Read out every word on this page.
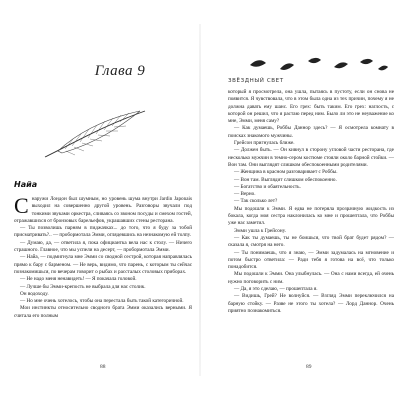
Глава 9
Найа

Снаружи Лондон был шумным, но уровень шума внутри Jardin Japonais выходил на совершенно другой уровень. Разговоры звучали под тонкими звуками оркестра, сливаясь со звоном посуды и смехом гостей, отражавшихся от бронзовых барельефов, украшавших стены ресторана.

— Ты позволишь парням в пиджачках... до того, что я буду за тобой присматривать?.. — пробормотала Эмми, оглядевшись на незнакомую ей толпу.

— Думаю, да, — ответила я, пока официантка вела нас к столу. — Ничего страшного. Главное, что мы успели на десерт, — пробормотала Эмми.

— Найа, — подмигнула мне Эмми со сводной сестрой, которая направлялась прямо к бару с барменом. — Не верь, видимо, что парень, с которым ты сейчас познакомишься, по вечерам говорит о рыбах и рассталых столовых приборах.

— Не надо меня ненавидеть! — Я покачала головой.

— Лучше бы Эмми-крепость не выбрала для нас столик.

Он водоходу.

— Но мне очень хотелось, чтобы она перестала быть такой категоричной.

Мои инстинкты относительно сводного брата Эмми оказались верными. Я считала его полным

88
ЗВЁЗДНЫЙ СВЕТ

который я просмотрела, она ушла, пытаясь в пустоту, если он снова не появится. Я чувствовала, что в этом была одна из тех причин, почему я не должна давать ему шанс. Его грех: быть таким. Его грех: наглость, с которой он решил, что я растаю перед ним. Было ли это не неуважение ко мне, Эмми, меня саму?

— Как думаешь, Роббы Даннор здесь? — Я осмотрела комнату в поисках знакомого мужчины.

Грейсон пригнулась ближе.

— Должен быть. — Он кивнул в сторону угловой части ресторана, где несколько мужчин в темно-сером костюме стояли около барной стойки. — Вон там. Они выглядят слишком обеспокоенными родителями.

— Женщина в красном разговаривает с Роббы.

— Вон там. Выглядит слишком обеспокоенно.

— Богатство и обаятельность.

— Верно.

— Так сколько лет?

Мы подошли к Эмми. Я едва не потеряла прозрачную жидкость из бокала, когда моя сестра наклонилась ко мне и прошептала, что Роббы уже нас заметил.

Эмми ушла к Грейсону.

— Как ты думаешь, ты не боишься, что твой брат будет рядом? — сказала я, смотря на него.

— Ты понимаешь, что я знаю, — Эмми задумалась на мгновение и потом быстро ответила: — Ради тебя я готова на всё, что только понадобится.

Мы подошли к Эмми. Она улыбнулась. — Она с нами всегда, ей очень нужно поговорить с ним.

— Да, я это сделаю, — прошептала я.

— Видишь, Грей? Не волнуйся. — Взгляд Эмми переключился на барную стойку. — Разве не этого ты хотела? — Лорд Даннор. Очень приятно познакомиться.

89
